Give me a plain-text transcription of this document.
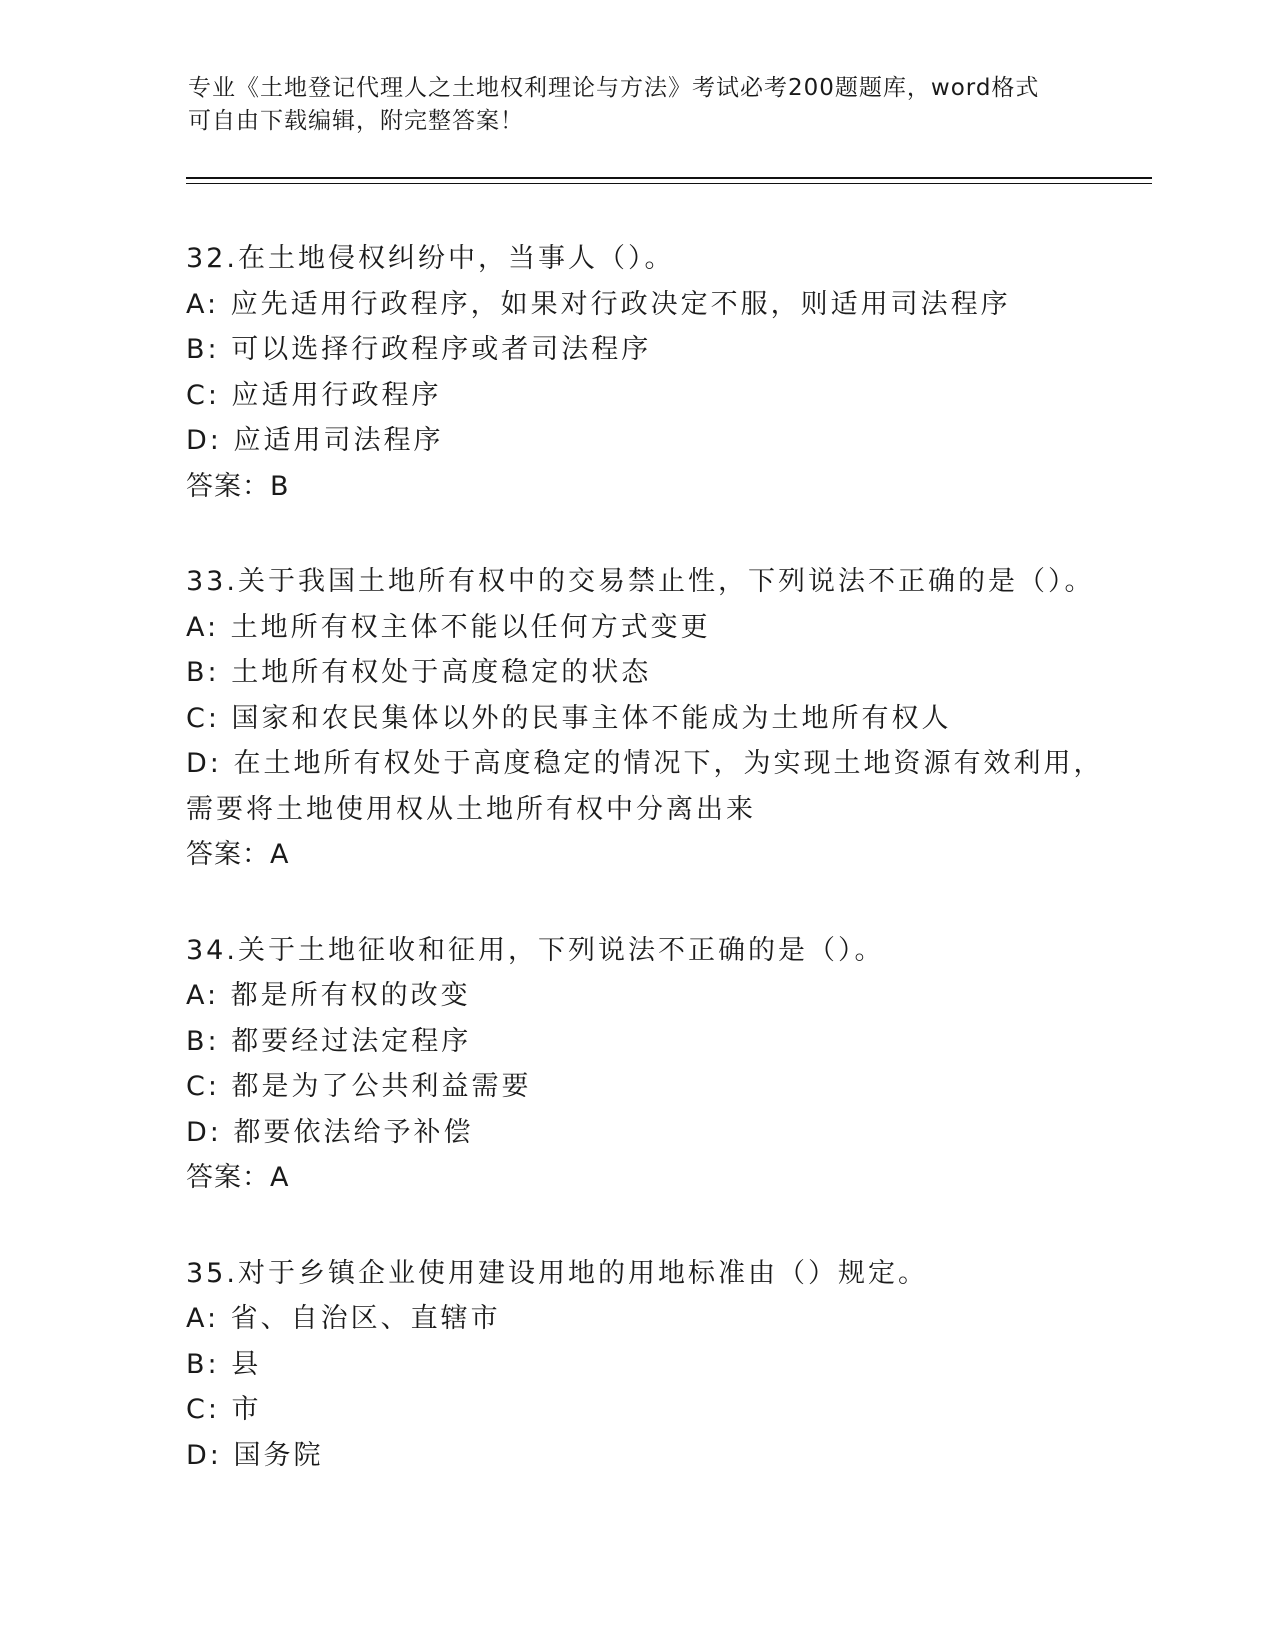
专业《土地登记代理人之土地权利理论与方法》考试必考200题题库，word格式
可自由下载编辑，附完整答案！
32.在土地侵权纠纷中，当事人（）。
A: 应先适用行政程序，如果对行政决定不服，则适用司法程序
B: 可以选择行政程序或者司法程序
C: 应适用行政程序
D: 应适用司法程序
答案：B
33.关于我国土地所有权中的交易禁止性，下列说法不正确的是（）。
A: 土地所有权主体不能以任何方式变更
B: 土地所有权处于高度稳定的状态
C: 国家和农民集体以外的民事主体不能成为土地所有权人
D: 在土地所有权处于高度稳定的情况下，为实现土地资源有效利用，
需要将土地使用权从土地所有权中分离出来
答案：A
34.关于土地征收和征用，下列说法不正确的是（）。
A: 都是所有权的改变
B: 都要经过法定程序
C: 都是为了公共利益需要
D: 都要依法给予补偿
答案：A
35.对于乡镇企业使用建设用地的用地标准由（）规定。
A: 省、自治区、直辖市
B: 县
C: 市
D: 国务院
